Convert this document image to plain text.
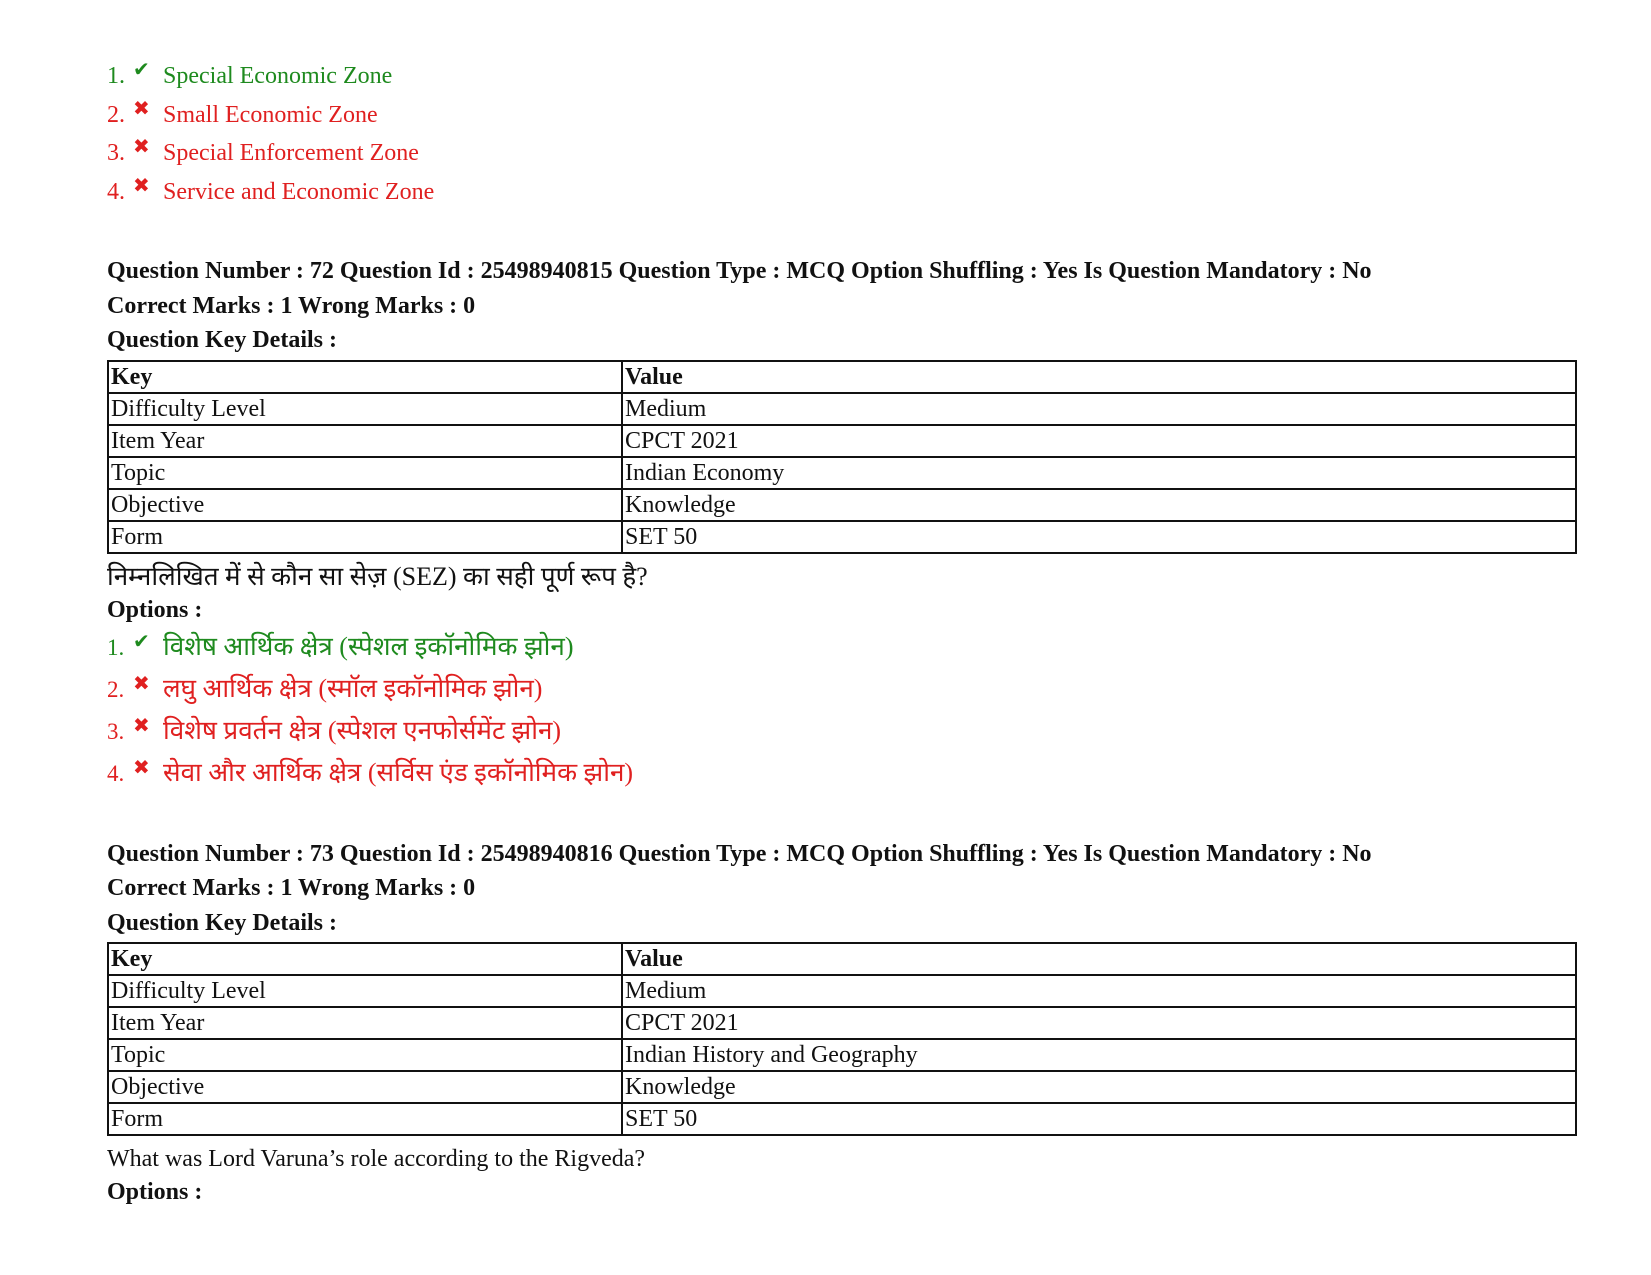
1. ✔ Special Economic Zone
2. ✖ Small Economic Zone
3. ✖ Special Enforcement Zone
4. ✖ Service and Economic Zone

Question Number : 72 Question Id : 25498940815 Question Type : MCQ Option Shuffling : Yes Is Question Mandatory : No

Correct Marks : 1 Wrong Marks : 0

Question Key Details :

Key	Value
Difficulty Level	Medium
Item Year	CPCT 2021
Topic	Indian Economy
Objective	Knowledge
Form	SET 50

निम्नलिखित में से कौन सा सेज़ (SEZ) का सही पूर्ण रूप है?

Options :

1. ✔ विशेष आर्थिक क्षेत्र (स्पेशल इकॉनोमिक झोन)
2. ✖ लघु आर्थिक क्षेत्र (स्मॉल इकॉनोमिक झोन)
3. ✖ विशेष प्रवर्तन क्षेत्र (स्पेशल एनफोर्समेंट झोन)
4. ✖ सेवा और आर्थिक क्षेत्र (सर्विस एंड इकॉनोमिक झोन)

Question Number : 73 Question Id : 25498940816 Question Type : MCQ Option Shuffling : Yes Is Question Mandatory : No

Correct Marks : 1 Wrong Marks : 0

Question Key Details :

Key	Value
Difficulty Level	Medium
Item Year	CPCT 2021
Topic	Indian History and Geography
Objective	Knowledge
Form	SET 50

What was Lord Varuna’s role according to the Rigveda?

Options :
